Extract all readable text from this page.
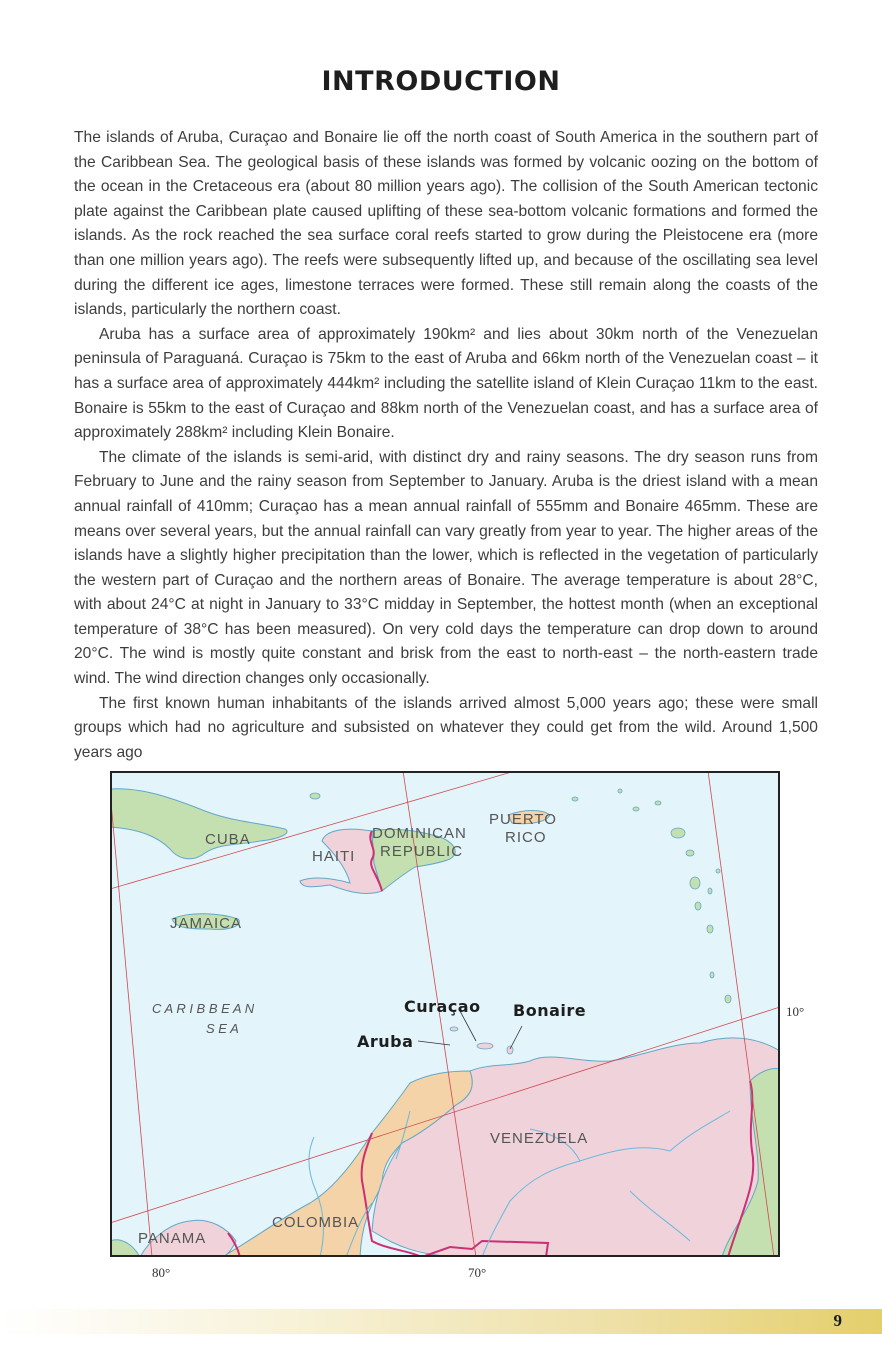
INTRODUCTION

The islands of Aruba, Curaçao and Bonaire lie off the north coast of South America in the southern part of the Caribbean Sea. The geological basis of these islands was formed by volcanic oozing on the bottom of the ocean in the Cretaceous era (about 80 million years ago). The collision of the South American tectonic plate against the Caribbean plate caused uplifting of these sea-bottom volcanic formations and formed the islands. As the rock reached the sea surface coral reefs started to grow during the Pleistocene era (more than one million years ago). The reefs were subsequently lifted up, and because of the oscillating sea level during the different ice ages, limestone terraces were formed. These still remain along the coasts of the islands, particularly the northern coast.

Aruba has a surface area of approximately 190km² and lies about 30km north of the Venezuelan peninsula of Paraguaná. Curaçao is 75km to the east of Aruba and 66km north of the Venezuelan coast – it has a surface area of approximately 444km² including the satellite island of Klein Curaçao 11km to the east. Bonaire is 55km to the east of Curaçao and 88km north of the Venezuelan coast, and has a surface area of approximately 288km² including Klein Bonaire.

The climate of the islands is semi-arid, with distinct dry and rainy seasons. The dry season runs from February to June and the rainy season from September to January. Aruba is the driest island with a mean annual rainfall of 410mm; Curaçao has a mean annual rainfall of 555mm and Bonaire 465mm. These are means over several years, but the annual rainfall can vary greatly from year to year. The higher areas of the islands have a slightly higher precipitation than the lower, which is reflected in the vegetation of particularly the western part of Curaçao and the northern areas of Bonaire. The average temperature is about 28°C, with about 24°C at night in January to 33°C midday in September, the hottest month (when an exceptional temperature of 38°C has been measured). On very cold days the temperature can drop down to around 20°C. The wind is mostly quite constant and brisk from the east to north-east – the north-eastern trade wind. The wind direction changes only occasionally.

The first known human inhabitants of the islands arrived almost 5,000 years ago; these were small groups which had no agriculture and subsisted on whatever they could get from the wild. Around 1,500 years ago

CUBA
HAITI
DOMINICAN
REPUBLIC
PUERTO
RICO
JAMAICA
VENEZUELA
COLOMBIA
PANAMA
C A R I B B E A N
S E A
Curaçao Bonaire
Aruba
10°
80°	70°
9
